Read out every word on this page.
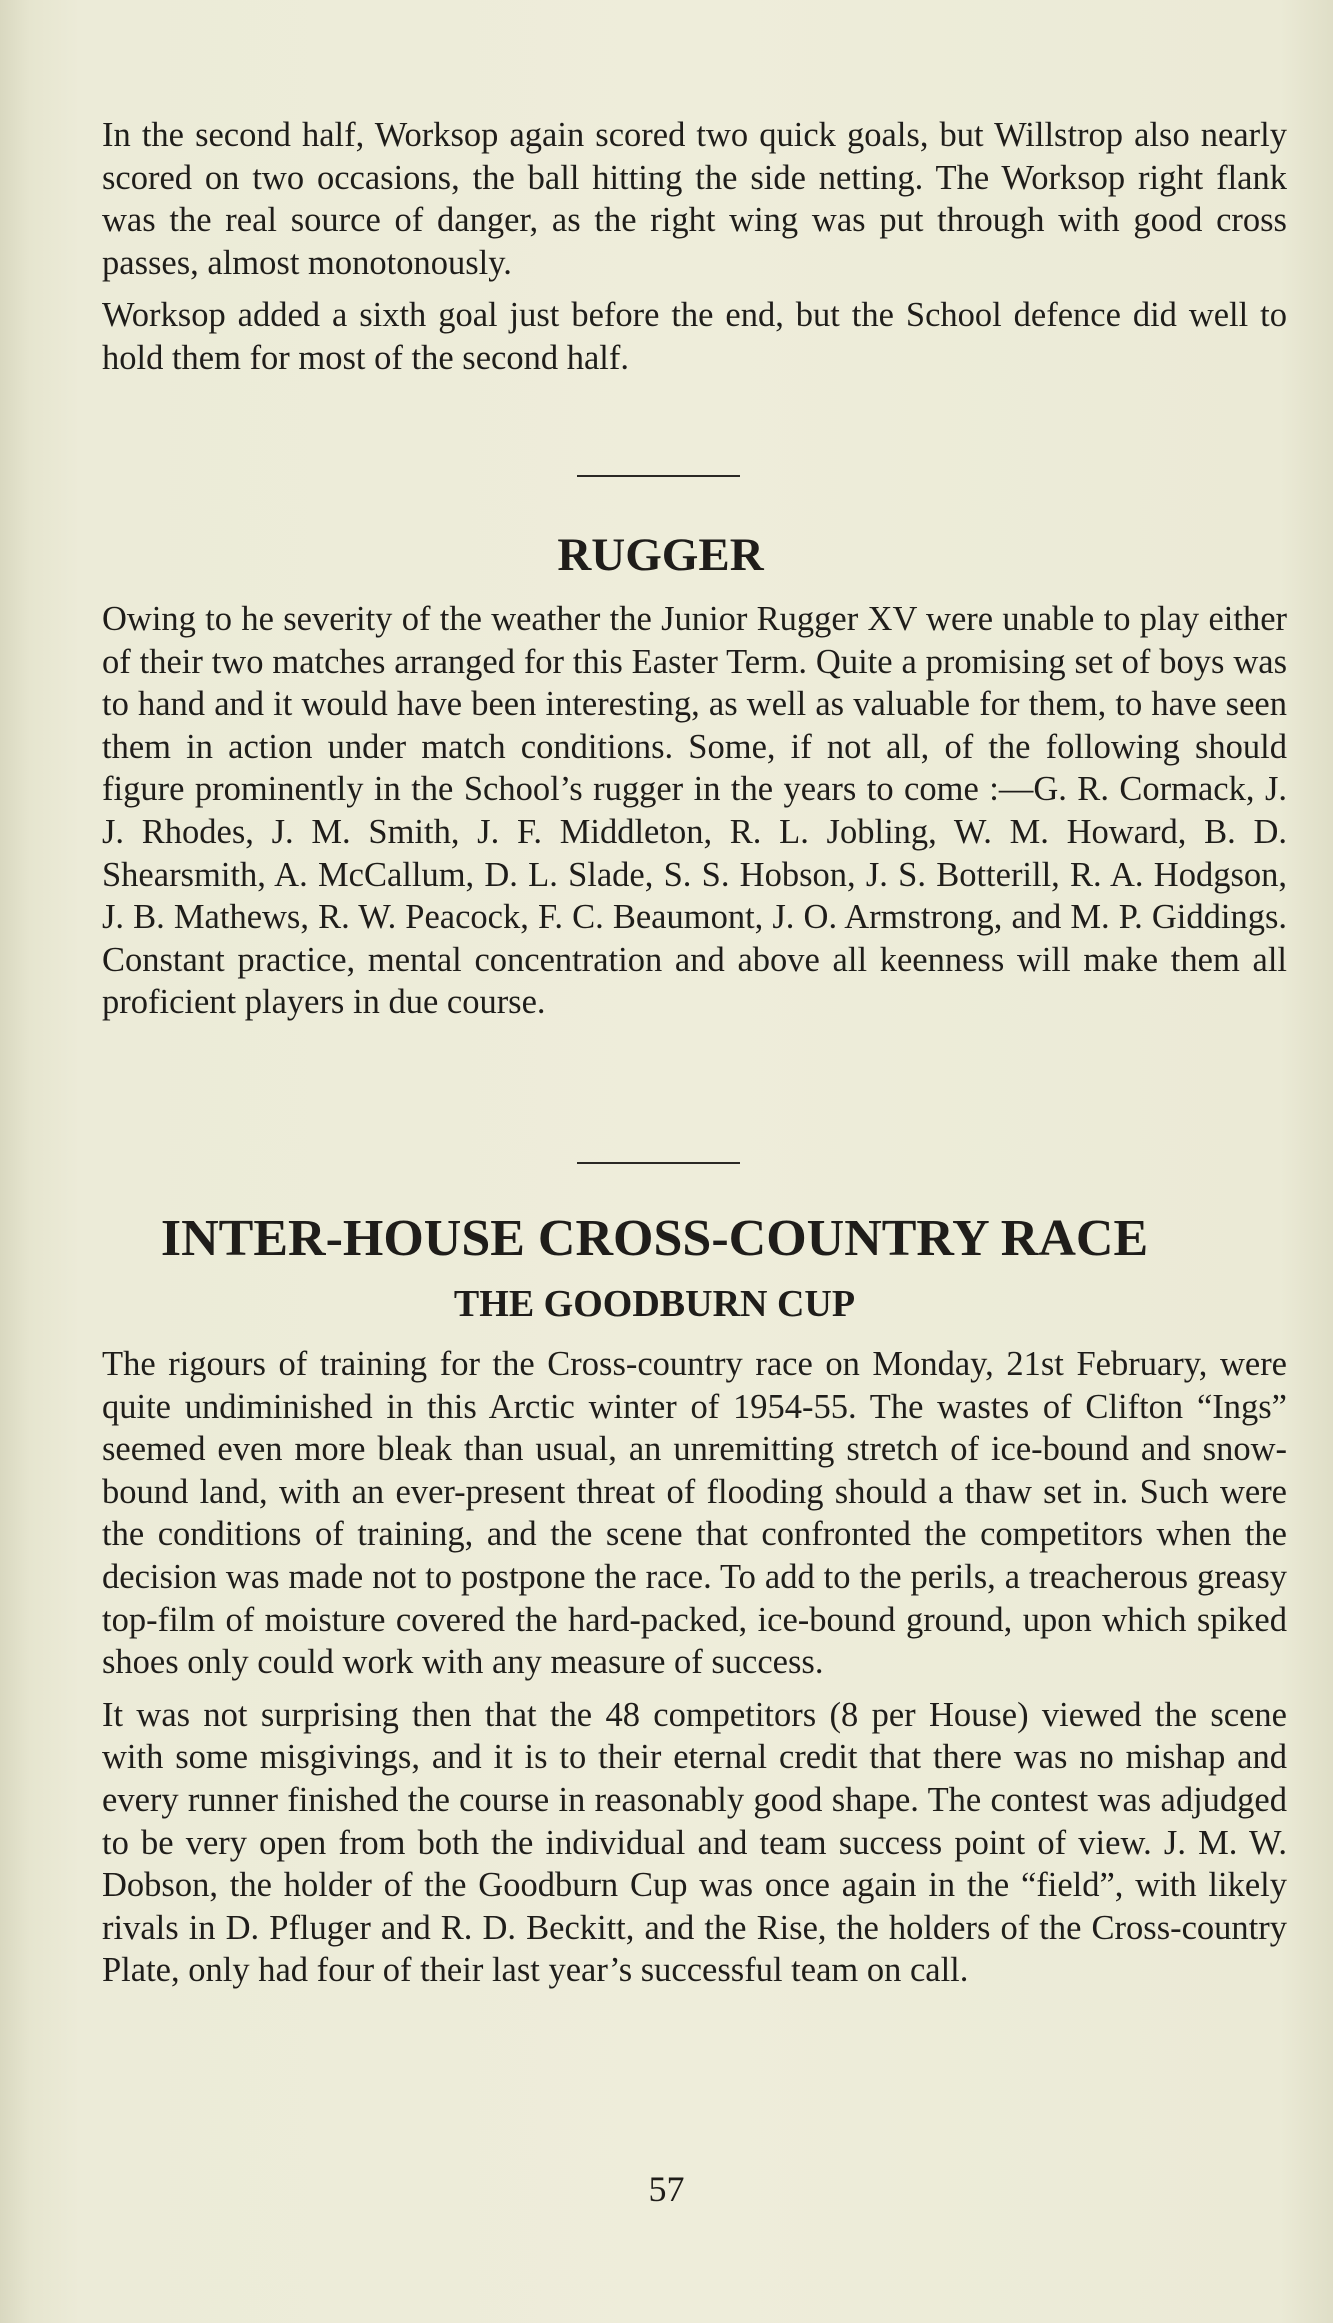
In the second half, Worksop again scored two quick goals, but Willstrop also nearly scored on two occasions, the ball hitting the side netting. The Worksop right flank was the real source of danger, as the right wing was put through with good cross passes, almost monotonously.

Worksop added a sixth goal just before the end, but the School defence did well to hold them for most of the second half.

RUGGER

Owing to he severity of the weather the Junior Rugger XV were unable to play either of their two matches arranged for this Easter Term. Quite a promising set of boys was to hand and it would have been interesting, as well as valuable for them, to have seen them in action under match conditions. Some, if not all, of the following should figure prominently in the School’s rugger in the years to come :—G. R. Cormack, J. J. Rhodes, J. M. Smith, J. F. Middleton, R. L. Jobling, W. M. Howard, B. D. Shearsmith, A. McCallum, D. L. Slade, S. S. Hobson, J. S. Botterill, R. A. Hodgson, J. B. Mathews, R. W. Peacock, F. C. Beaumont, J. O. Armstrong, and M. P. Giddings. Constant practice, mental concentration and above all keenness will make them all proficient players in due course.

INTER-HOUSE CROSS-COUNTRY RACE
THE GOODBURN CUP

The rigours of training for the Cross-country race on Monday, 21st February, were quite undiminished in this Arctic winter of 1954-55. The wastes of Clifton “Ings” seemed even more bleak than usual, an unremitting stretch of ice-bound and snow-bound land, with an ever-present threat of flooding should a thaw set in. Such were the conditions of training, and the scene that confronted the competitors when the decision was made not to postpone the race. To add to the perils, a treacherous greasy top-film of moisture covered the hard-packed, ice-bound ground, upon which spiked shoes only could work with any measure of success.

It was not surprising then that the 48 competitors (8 per House) viewed the scene with some misgivings, and it is to their eternal credit that there was no mishap and every runner finished the course in reasonably good shape. The contest was adjudged to be very open from both the individual and team success point of view. J. M. W. Dobson, the holder of the Goodburn Cup was once again in the “field”, with likely rivals in D. Pfluger and R. D. Beckitt, and the Rise, the holders of the Cross-country Plate, only had four of their last year’s successful team on call.

57
